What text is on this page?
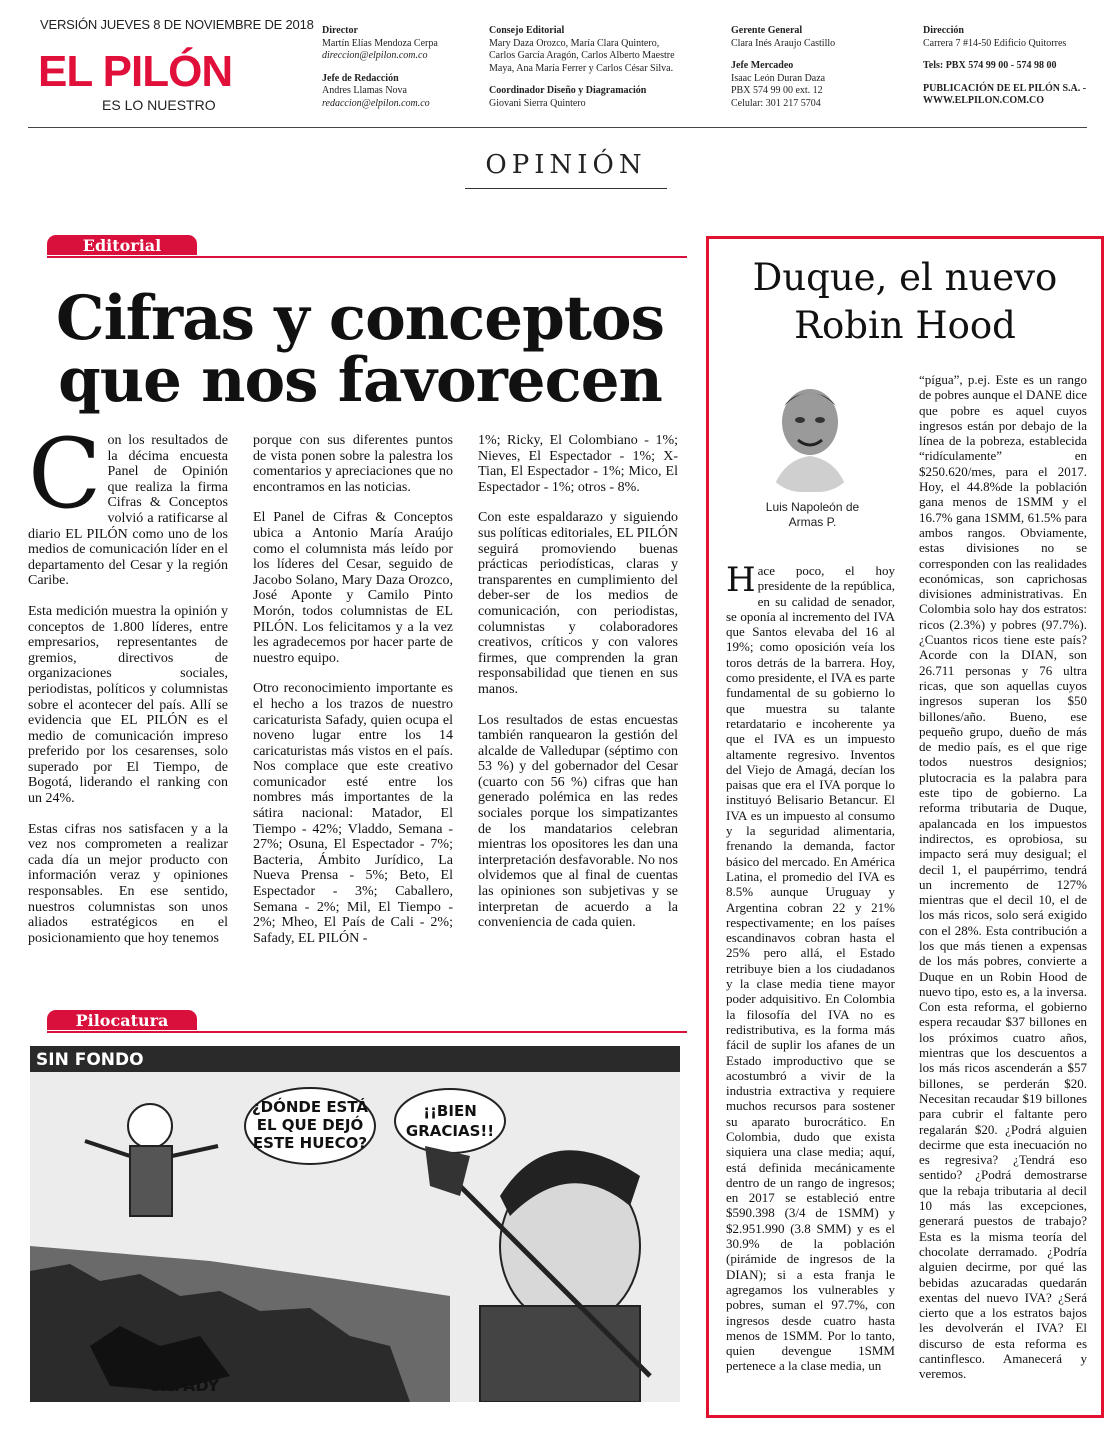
VERSIÓN JUEVES 8 DE NOVIEMBRE DE 2018
EL PILÓN
ES LO NUESTRO
Director
Martín Elías Mendoza Cerpa
direccion@elpilon.com.co
Jefe de Redacción
Andres Llamas Nova
redaccion@elpilon.com.co
Consejo Editorial
Mary Daza Orozco, María Clara Quintero,
Carlos García Aragón, Carlos Alberto Maestre
Maya, Ana María Ferrer y Carlos César Silva.
Coordinador Diseño y Diagramación
Giovani Sierra Quintero
Gerente General
Clara Inés Araujo Castillo
Jefe Mercadeo
Isaac León Duran Daza
PBX 574 99 00 ext. 12
Celular: 301 217 5704
Dirección
Carrera 7 #14-50 Edificio Quitorres
Tels: PBX 574 99 00 - 574 98 00
PUBLICACIÓN DE EL PILÓN S.A. -
WWW.ELPILON.COM.CO
OPINIÓN
Editorial
Cifras y conceptos
que nos favorecen

Con los resultados de la décima encuesta Panel de Opinión que realiza la firma Cifras & Conceptos volvió a ratificarse al diario EL PILÓN como uno de los medios de comunicación líder en el departamento del Cesar y la región Caribe.

Esta medición muestra la opinión y conceptos de 1.800 líderes, entre empresarios, representantes de gremios, directivos de organizaciones sociales, periodistas, políticos y columnistas sobre el acontecer del país. Allí se evidencia que EL PILÓN es el medio de comunicación impreso preferido por los cesarenses, solo superado por El Tiempo, de Bogotá, liderando el ranking con un 24%.

Estas cifras nos satisfacen y a la vez nos comprometen a realizar cada día un mejor producto con información veraz y opiniones responsables. En ese sentido, nuestros columnistas son unos aliados estratégicos en el posicionamiento que hoy tenemos

porque con sus diferentes puntos de vista ponen sobre la palestra los comentarios y apreciaciones que no encontramos en las noticias.

El Panel de Cifras & Conceptos ubica a Antonio María Araújo como el columnista más leído por los líderes del Cesar, seguido de Jacobo Solano, Mary Daza Orozco, José Aponte y Camilo Pinto Morón, todos columnistas de EL PILÓN. Los felicitamos y a la vez les agradecemos por hacer parte de nuestro equipo.

Otro reconocimiento importante es el hecho a los trazos de nuestro caricaturista Safady, quien ocupa el noveno lugar entre los 14 caricaturistas más vistos en el país. Nos complace que este creativo comunicador esté entre los nombres más importantes de la sátira nacional: Matador, El Tiempo - 42%; Vladdo, Semana - 27%; Osuna, El Espectador - 7%; Bacteria, Ámbito Jurídico, La Nueva Prensa - 5%; Beto, El Espectador - 3%; Caballero, Semana - 2%; Mil, El Tiempo - 2%; Mheo, El País de Cali - 2%; Safady, EL PILÓN -

1%; Ricky, El Colombiano - 1%; Nieves, El Espectador - 1%; X-Tian, El Espectador - 1%; Mico, El Espectador - 1%; otros - 8%.

Con este espaldarazo y siguiendo sus políticas editoriales, EL PILÓN seguirá promoviendo buenas prácticas periodísticas, claras y transparentes en cumplimiento del deber-ser de los medios de comunicación, con periodistas, columnistas y colaboradores creativos, críticos y con valores firmes, que comprenden la gran responsabilidad que tienen en sus manos.

Los resultados de estas encuestas también ranquearon la gestión del alcalde de Valledupar (séptimo con 53 %) y del gobernador del Cesar (cuarto con 56 %) cifras que han generado polémica en las redes sociales porque los simpatizantes de los mandatarios celebran mientras los opositores les dan una interpretación desfavorable. No nos olvidemos que al final de cuentas las opiniones son subjetivas y se interpretan de acuerdo a la conveniencia de cada quien.

Pilocatura
SIN FONDO
¿DÓNDE ESTÁ
EL QUE DEJÓ
ESTE HUECO?
¡¡BIEN
GRACIAS!!
SAFADY
Duque, el nuevo
Robin Hood
Luis Napoleón de
Armas P.

Hace poco, el hoy presidente de la república, en su calidad de senador, se oponía al incremento del IVA que Santos elevaba del 16 al 19%; como oposición veía los toros detrás de la barrera. Hoy, como presidente, el IVA es parte fundamental de su gobierno lo que muestra su talante retardatario e incoherente ya que el IVA es un impuesto altamente regresivo. Inventos del Viejo de Amagá, decían los paisas que era el IVA porque lo instituyó Belisario Betancur. El IVA es un impuesto al consumo y la seguridad alimentaria, frenando la demanda, factor básico del mercado. En América Latina, el promedio del IVA es 8.5% aunque Uruguay y Argentina cobran 22 y 21% respectivamente; en los países escandinavos cobran hasta el 25% pero allá, el Estado retribuye bien a los ciudadanos y la clase media tiene mayor poder adquisitivo. En Colombia la filosofía del IVA no es redistributiva, es la forma más fácil de suplir los afanes de un Estado improductivo que se acostumbró a vivir de la industria extractiva y requiere muchos recursos para sostener su aparato burocrático. En Colombia, dudo que exista siquiera una clase media; aquí, está definida mecánicamente dentro de un rango de ingresos; en 2017 se estableció entre $590.398 (3/4 de 1SMM) y $2.951.990 (3.8 SMM) y es el 30.9% de la población (pirámide de ingresos de la DIAN); si a esta franja le agregamos los vulnerables y pobres, suman el 97.7%, con ingresos desde cuatro hasta menos de 1SMM. Por lo tanto, quien devengue 1SMM pertenece a la clase media, un

“pígua”, p.ej. Este es un rango de pobres aunque el DANE dice que pobre es aquel cuyos ingresos están por debajo de la línea de la pobreza, establecida “ridículamente” en $250.620/mes, para el 2017. Hoy, el 44.8%de la población gana menos de 1SMM y el 16.7% gana 1SMM, 61.5% para ambos rangos. Obviamente, estas divisiones no se corresponden con las realidades económicas, son caprichosas divisiones administrativas. En Colombia solo hay dos estratos: ricos (2.3%) y pobres (97.7%). ¿Cuantos ricos tiene este país? Acorde con la DIAN, son 26.711 personas y 76 ultra ricas, que son aquellas cuyos ingresos superan los $50 billones/año. Bueno, ese pequeño grupo, dueño de más de medio país, es el que rige todos nuestros designios; plutocracia es la palabra para este tipo de gobierno. La reforma tributaria de Duque, apalancada en los impuestos indirectos, es oprobiosa, su impacto será muy desigual; el decil 1, el paupérrimo, tendrá un incremento de 127% mientras que el decil 10, el de los más ricos, solo será exigido con el 28%. Esta contribución a los que más tienen a expensas de los más pobres, convierte a Duque en un Robin Hood de nuevo tipo, esto es, a la inversa. Con esta reforma, el gobierno espera recaudar $37 billones en los próximos cuatro años, mientras que los descuentos a los más ricos ascenderán a $57 billones, se perderán $20. Necesitan recaudar $19 billones para cubrir el faltante pero regalarán $20. ¿Podrá alguien decirme que esta inecuación no es regresiva? ¿Tendrá eso sentido? ¿Podrá demostrarse que la rebaja tributaria al decil 10 más las excepciones, generará puestos de trabajo? Esta es la misma teoría del chocolate derramado. ¿Podría alguien decirme, por qué las bebidas azucaradas quedarán exentas del nuevo IVA? ¿Será cierto que a los estratos bajos les devolverán el IVA? El discurso de esta reforma es cantinflesco. Amanecerá y veremos.
